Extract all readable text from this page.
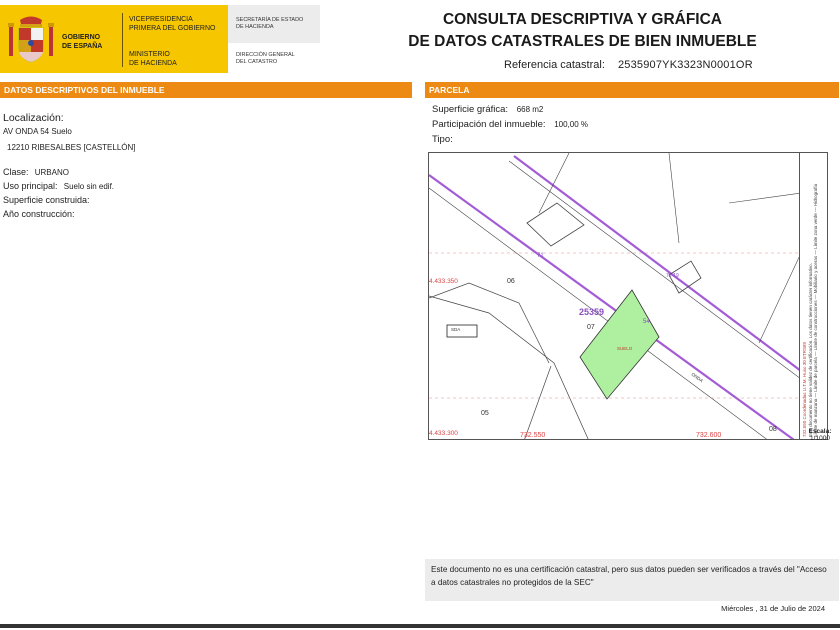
GOBIERNO
DE ESPAÑA
VICEPRESIDENCIA
PRIMERA DEL GOBIERNO
MINISTERIO
DE HACIENDA
SECRETARÍA DE ESTADO
DE HACIENDA
DIRECCIÓN GENERAL
DEL CATASTRO
CONSULTA DESCRIPTIVA Y GRÁFICA
DE DATOS CATASTRALES DE BIEN INMUEBLE
Referencia catastral: 2535907YK3323N0001OR
DATOS DESCRIPTIVOS DEL INMUEBLE	PARCELA
Localización:
AV ONDA 54 Suelo
12210 RIBESALBES [CASTELLÓN]
Clase: URBANO
Uso principal: Suelo sin edif.
Superficie construida:
Año construcción:
Superficie gráfica: 668 m2
Participación del inmueble: 100,00 %
Tipo:
4.433.350
4.433.300
06
05
08
25359
07
SUELO
71
54
ONDA
SDA
71-19
732.550 Coordenadas U.T.M. Huso 30 ETRS89 Este documento no tiene validez de certificación. Los datos tienen carácter informativo. Límite de manzana — Límite de parcela — Límite de construcciones — Mobiliario y aceras — Límite zona verde — Hidrografía
Escala:
1/1000
732.550	732.600
Este documento no es una certificación catastral, pero sus datos pueden ser verificados a través del "Acceso a datos catastrales no protegidos de la SEC"
Miércoles , 31 de Julio de 2024
